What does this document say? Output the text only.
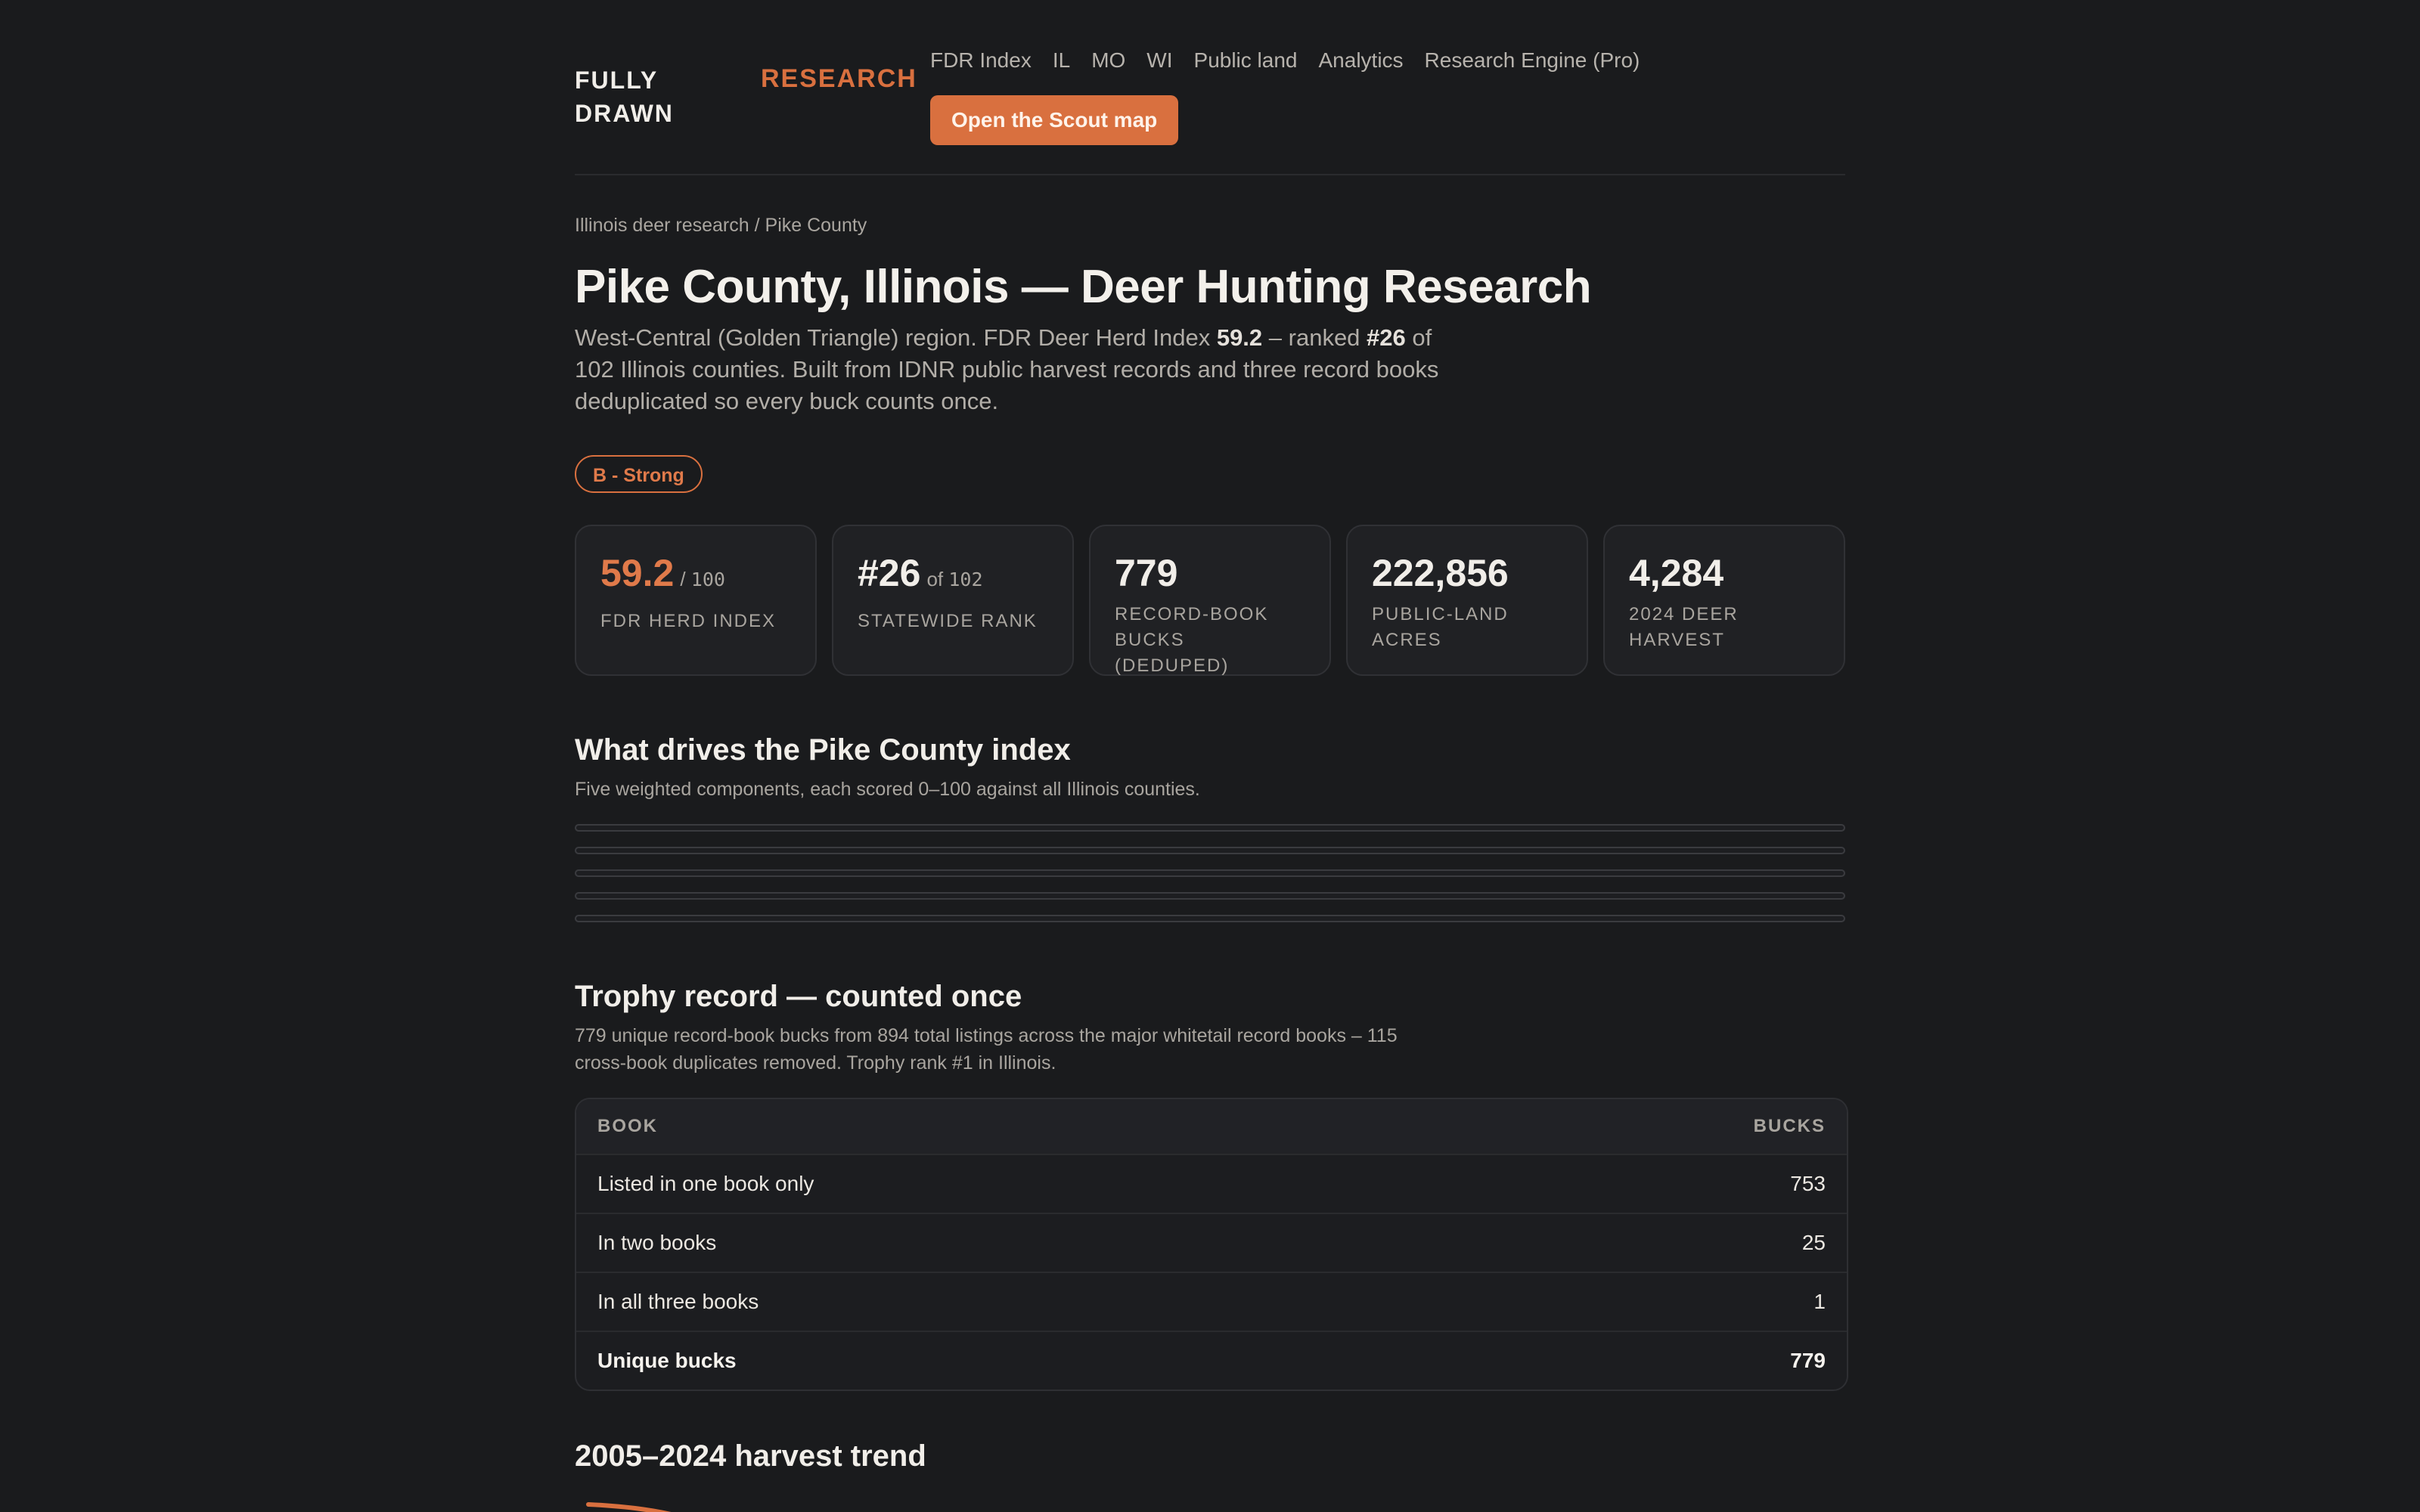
FULLY
DRAWN
RESEARCH
FDR Index IL MO WI Public land Analytics Research Engine (Pro)
Open the Scout map
Illinois deer research / Pike County
Pike County, Illinois — Deer Hunting Research

West-Central (Golden Triangle) region. FDR Deer Herd Index 59.2 – ranked #26 of 102 Illinois counties. Built from IDNR public harvest records and three record books deduplicated so every buck counts once.

B - Strong
59.2 / 100
FDR HERD INDEX
#26 of 102
STATEWIDE RANK
779
RECORD-BOOK BUCKS (DEDUPED)
222,856
PUBLIC-LAND ACRES
4,284
2024 DEER HARVEST
What drives the Pike County index
Five weighted components, each scored 0–100 against all Illinois counties.
Trophy record — counted once
779 unique record-book bucks from 894 total listings across the major whitetail record books – 115 cross-book duplicates removed. Trophy rank #1 in Illinois.
BOOK	BUCKS
Listed in one book only	753
In two books	25
In all three books	1
Unique bucks	779
2005–2024 harvest trend
